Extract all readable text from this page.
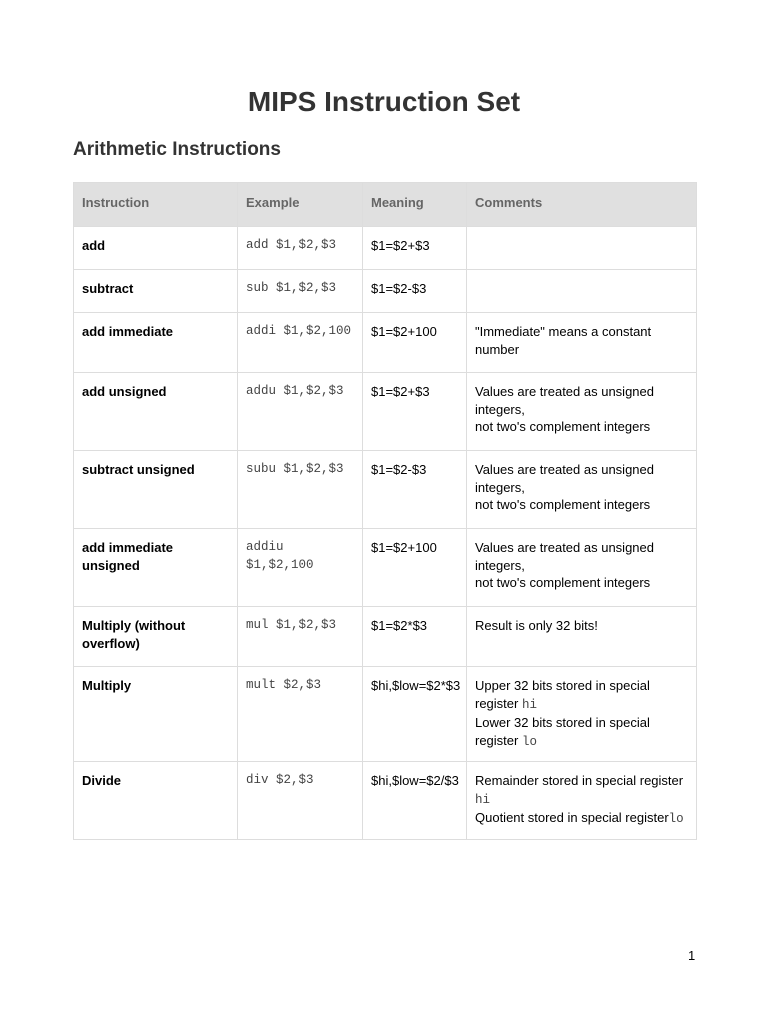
MIPS Instruction Set
Arithmetic Instructions
Instruction	Example	Meaning	Comments
add	add $1,$2,$3	$1=$2+$3	
subtract	sub $1,$2,$3	$1=$2-$3	
add immediate	addi $1,$2,100	$1=$2+100	"Immediate" means a constant number

add unsigned	addu $1,$2,$3	$1=$2+$3	Values are treated as unsigned integers,
not two's complement integers

subtract unsigned	subu $1,$2,$3	$1=$2-$3	Values are treated as unsigned integers,
not two's complement integers

add immediate unsigned	addiu $1,$2,100	$1=$2+100	Values are treated as unsigned integers,
not two's complement integers

Multiply (without overflow)	mul $1,$2,$3	$1=$2*$3	Result is only 32 bits!

Multiply	mult $2,$3	$hi,$low=$2*$3	Upper 32 bits stored in special register hi
Lower 32 bits stored in special register lo

Divide	div $2,$3	$hi,$low=$2/$3	Remainder stored in special register hi
Quotient stored in special registerlo
1
